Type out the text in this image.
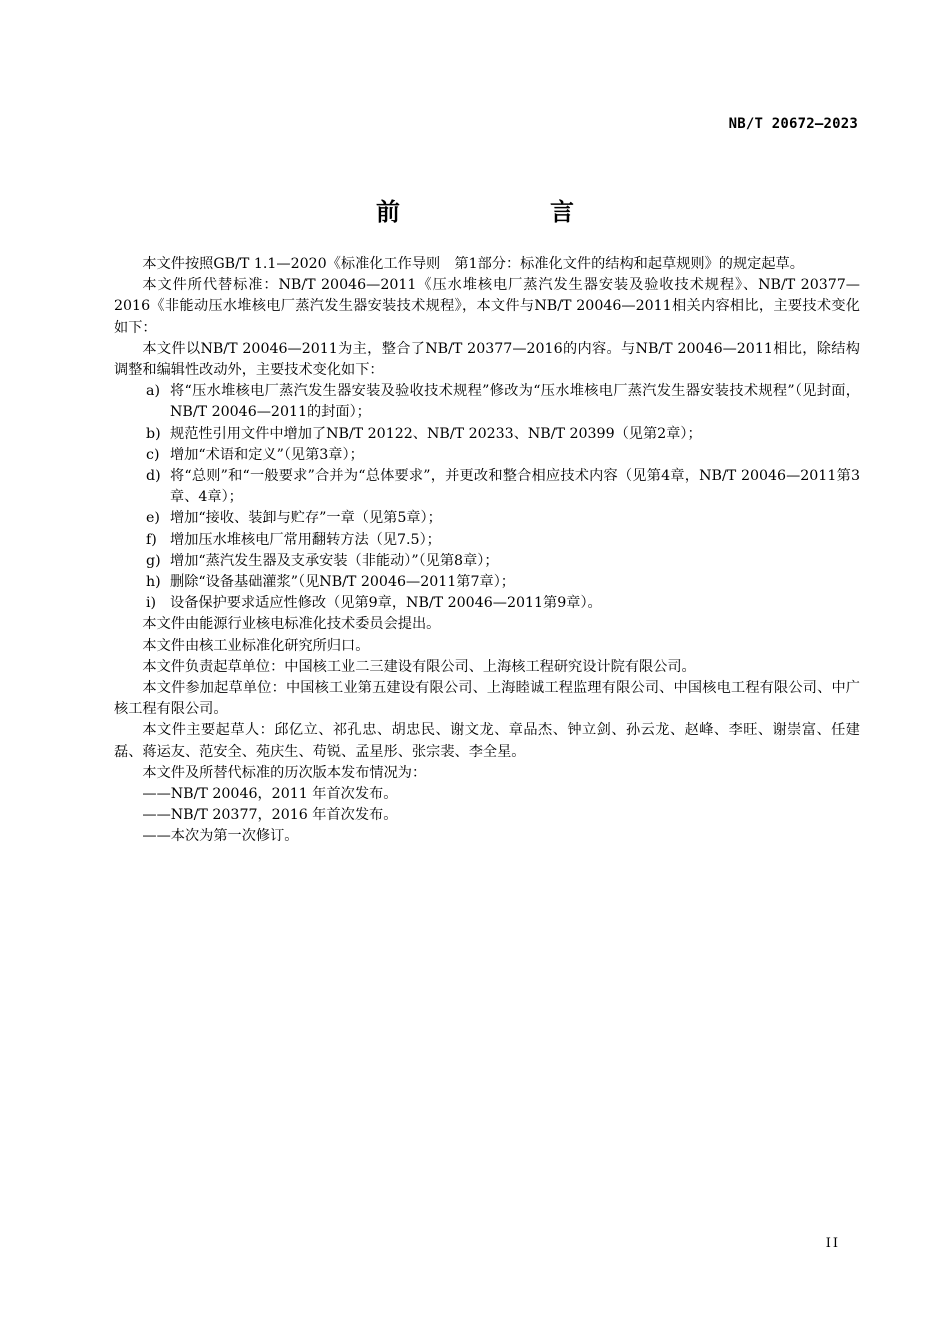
NB/T 20672—2023
前　　言

本文件按照GB/T 1.1—2020《标准化工作导则　第1部分：标准化文件的结构和起草规则》的规定起草。

本文件所代替标准：NB/T 20046—2011《压水堆核电厂蒸汽发生器安装及验收技术规程》、NB/T 20377—2016《非能动压水堆核电厂蒸汽发生器安装技术规程》，本文件与NB/T 20046—2011相关内容相比，主要技术变化如下：

本文件以NB/T 20046—2011为主，整合了NB/T 20377—2016的内容。与NB/T 20046—2011相比，除结构调整和编辑性改动外，主要技术变化如下：

a) 将“压水堆核电厂蒸汽发生器安装及验收技术规程”修改为“压水堆核电厂蒸汽发生器安装技术规程”（见封面，NB/T 20046—2011的封面）；

b) 规范性引用文件中增加了NB/T 20122、NB/T 20233、NB/T 20399（见第2章）；

c) 增加“术语和定义”（见第3章）；

d) 将“总则”和“一般要求”合并为“总体要求”，并更改和整合相应技术内容（见第4章，NB/T 20046—2011第3章、4章）；

e) 增加“接收、装卸与贮存”一章（见第5章）；

f) 增加压水堆核电厂常用翻转方法（见7.5）；

g) 增加“蒸汽发生器及支承安装（非能动）”（见第8章）；

h) 删除“设备基础灌浆”（见NB/T 20046—2011第7章）；

i) 设备保护要求适应性修改（见第9章，NB/T 20046—2011第9章）。

本文件由能源行业核电标准化技术委员会提出。

本文件由核工业标准化研究所归口。

本文件负责起草单位：中国核工业二三建设有限公司、上海核工程研究设计院有限公司。

本文件参加起草单位：中国核工业第五建设有限公司、上海睦诚工程监理有限公司、中国核电工程有限公司、中广核工程有限公司。

本文件主要起草人：邱亿立、祁孔忠、胡忠民、谢文龙、章品杰、钟立剑、孙云龙、赵峰、李旺、谢崇富、任建磊、蒋运友、范安全、苑庆生、苟锐、孟星彤、张宗裴、李全星。

本文件及所替代标准的历次版本发布情况为：

——NB/T 20046，2011 年首次发布。

——NB/T 20377，2016 年首次发布。

——本次为第一次修订。

II
